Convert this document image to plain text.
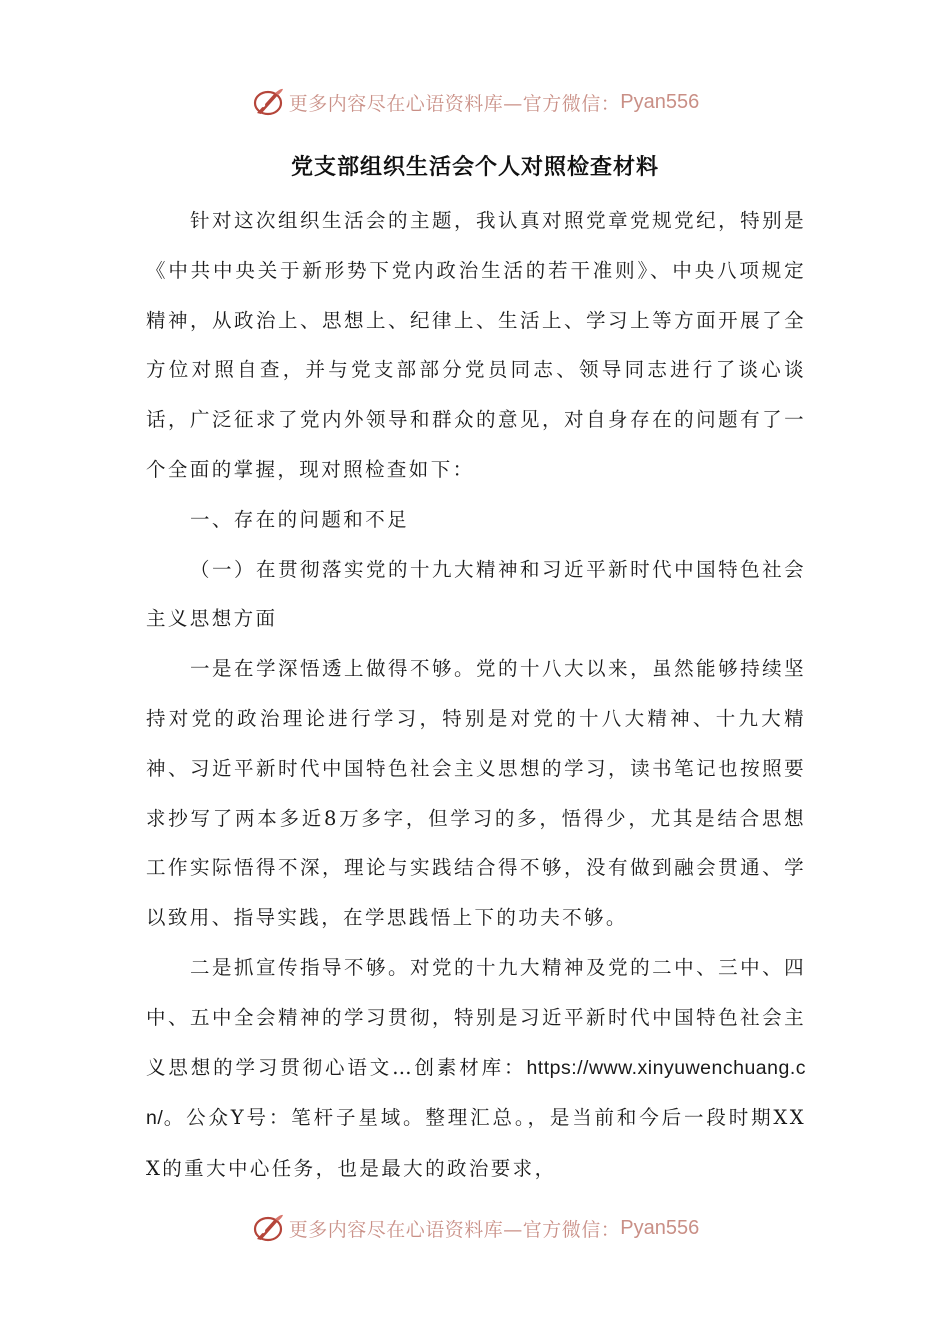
更多内容尽在心语资料库—官方微信： Pyan556
党支部组织生活会个人对照检查材料

针对这次组织生活会的主题，我认真对照党章党规党纪，特别是《中共中央关于新形势下党内政治生活的若干准则》、中央八项规定精神，从政治上、思想上、纪律上、生活上、学习上等方面开展了全方位对照自查，并与党支部部分党员同志、领导同志进行了谈心谈话，广泛征求了党内外领导和群众的意见，对自身存在的问题有了一个全面的掌握，现对照检查如下：

一、存在的问题和不足

（一）在贯彻落实党的十九大精神和习近平新时代中国特色社会主义思想方面

一是在学深悟透上做得不够。党的十八大以来，虽然能够持续坚持对党的政治理论进行学习，特别是对党的十八大精神、十九大精神、习近平新时代中国特色社会主义思想的学习，读书笔记也按照要求抄写了两本多近8万多字，但学习的多，悟得少，尤其是结合思想工作实际悟得不深，理论与实践结合得不够，没有做到融会贯通、学以致用、指导实践，在学思践悟上下的功夫不够。

二是抓宣传指导不够。对党的十九大精神及党的二中、三中、四中、五中全会精神的学习贯彻，特别是习近平新时代中国特色社会主义思想的学习贯彻心语文…创素材库：https://www.xinyuwenchuang.cn/。公众Y号：笔杆子星域。整理汇总。，是当前和今后一段时期XXX的重大中心任务，也是最大的政治要求，

更多内容尽在心语资料库—官方微信： Pyan556
